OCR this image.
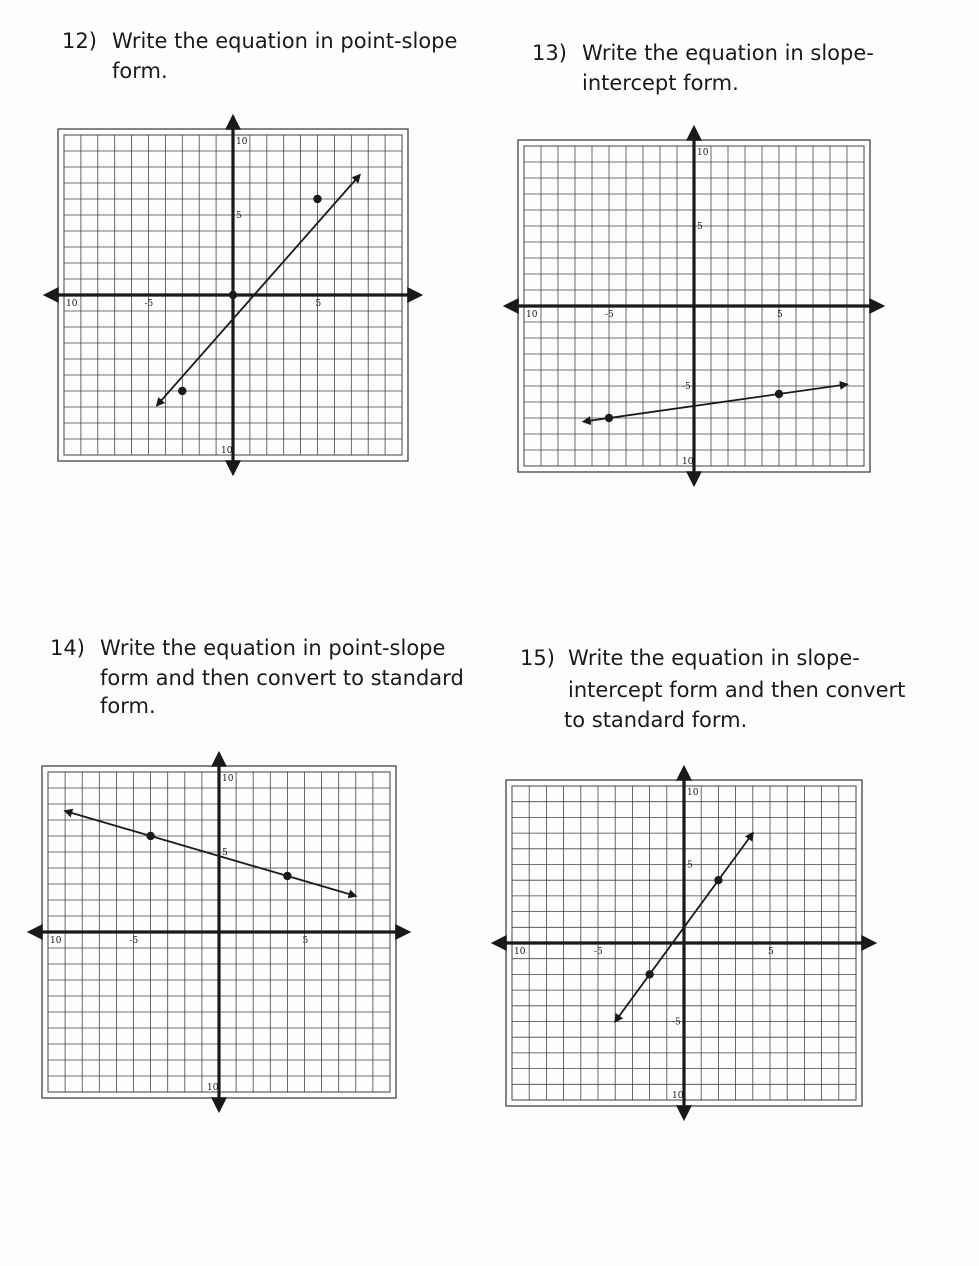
12) Write the equation in point-slope
form.
10
5
10
10	-5	5
13) Write the equation in slope-
intercept form.
10
5
-5
10
10	-5	5
14) Write the equation in point-slope
form and then convert to standard
form.
10
5
10
10	-5	5
15) Write the equation in slope-
intercept form and then convert
to standard form.
10
5
-5
10
10	-5	5
